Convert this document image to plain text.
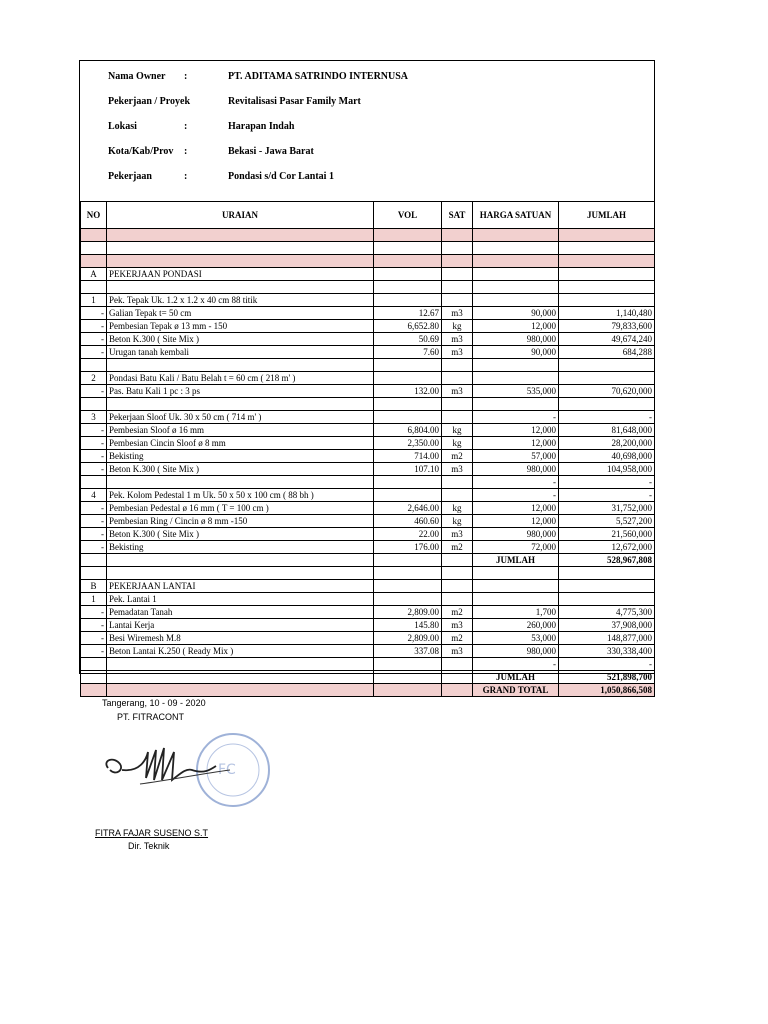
Nama Owner :	PT. ADITAMA SATRINDO INTERNUSA
Pekerjaan / Proyek	Revitalisasi Pasar Family Mart
Lokasi	:	Harapan Indah
Kota/Kab/Prov :	Bekasi - Jawa Barat
Pekerjaan	:	Pondasi s/d Cor Lantai 1
NO	URAIAN	VOL	SAT	HARGA SATUAN	JUMLAH

A	PEKERJAAN PONDASI				

1	Pek. Tepak Uk. 1.2 x 1.2 x 40 cm 88 titik				
-	Galian Tepak t= 50 cm	12.67	m3	90,000	1,140,480
-	Pembesian Tepak ø 13 mm - 150	6,652.80	kg	12,000	79,833,600
-	Beton K.300 ( Site Mix )	50.69	m3	980,000	49,674,240
-	Urugan tanah kembali	7.60	m3	90,000	684,288

2	Pondasi Batu Kali / Batu Belah t = 60 cm ( 218 m' )				
-	Pas. Batu Kali 1 pc : 3 ps	132.00	m3	535,000	70,620,000

3	Pekerjaan Sloof Uk. 30 x 50 cm ( 714 m' )			-	-
-	Pembesian Sloof ø 16 mm	6,804.00	kg	12,000	81,648,000
-	Pembesian Cincin Sloof ø 8 mm	2,350.00	kg	12,000	28,200,000
-	Bekisting	714.00	m2	57,000	40,698,000
-	Beton K.300 ( Site Mix )	107.10	m3	980,000	104,958,000
				-	-
4	Pek. Kolom Pedestal 1 m Uk. 50 x 50 x 100 cm ( 88 bh )			-	-
-	Pembesian Pedestal ø 16 mm ( T = 100 cm )	2,646.00	kg	12,000	31,752,000
-	Pembesian Ring / Cincin ø 8 mm -150	460.60	kg	12,000	5,527,200
-	Beton K.300 ( Site Mix )	22.00	m3	980,000	21,560,000
-	Bekisting	176.00	m2	72,000	12,672,000
				JUMLAH	528,967,808

B	PEKERJAAN LANTAI				
1	Pek. Lantai 1				
-	Pemadatan Tanah	2,809.00	m2	1,700	4,775,300
-	Lantai Kerja	145.80	m3	260,000	37,908,000
-	Besi Wiremesh M.8	2,809.00	m2	53,000	148,877,000
-	Beton Lantai K.250 ( Ready Mix )	337.08	m3	980,000	330,338,400
				-	-
				JUMLAH	521,898,700
				GRAND TOTAL	1,050,866,508
Tangerang, 10 - 09 - 2020
PT. FITRACONT
FC
FITRA FAJAR SUSENO S.T
Dir. Teknik
